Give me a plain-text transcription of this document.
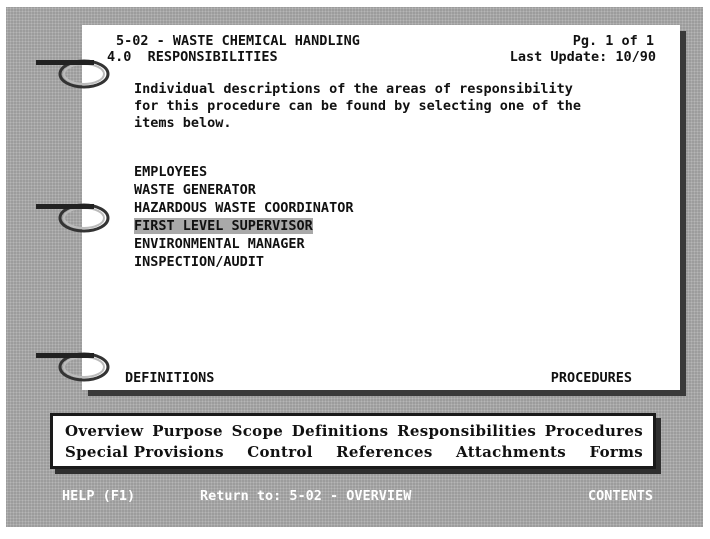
5-02 - WASTE CHEMICAL HANDLING
4.0  RESPONSIBILITIES
Pg. 1 of 1
Last Update: 10/90
Individual descriptions of the areas of responsibility
for this procedure can be found by selecting one of the
items below.
EMPLOYEES
WASTE GENERATOR
HAZARDOUS WASTE COORDINATOR
FIRST LEVEL SUPERVISOR
ENVIRONMENTAL MANAGER
INSPECTION/AUDIT
DEFINITIONS	PROCEDURES
Overview Purpose Scope Definitions Responsibilities Procedures
Special Provisions Control References Attachments Forms
HELP (F1)	Return to: 5-02 - OVERVIEW	CONTENTS
